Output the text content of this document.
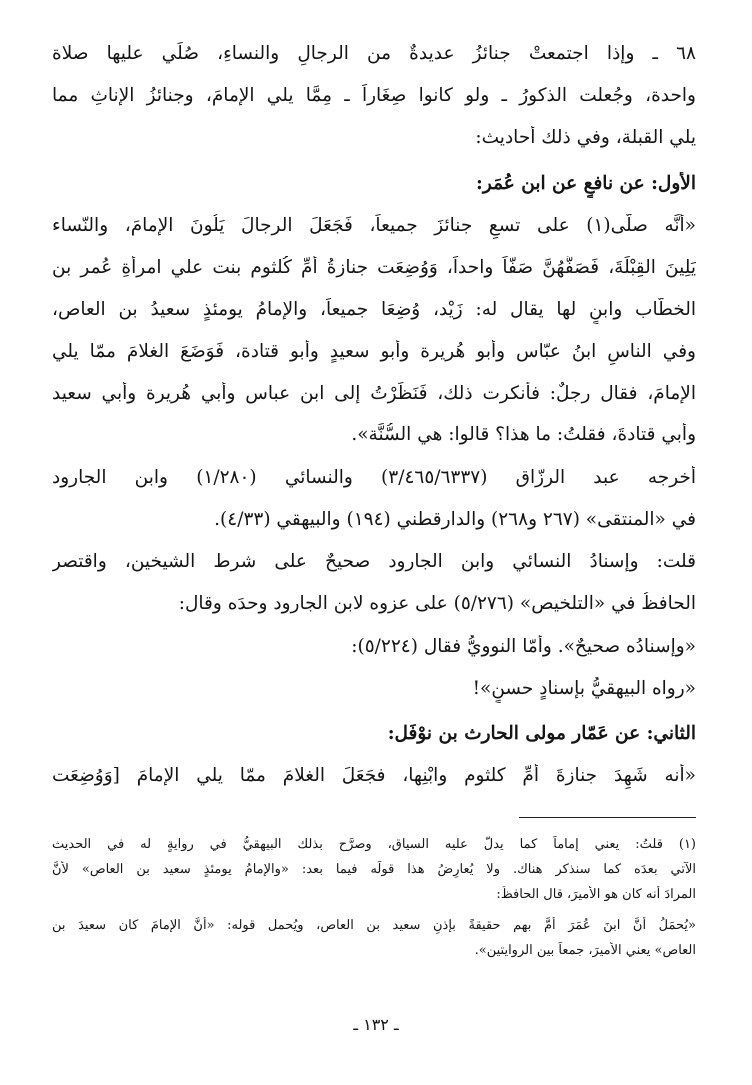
٦٨ ـ وإذا اجتمعتْ جنائزُ عديدةٌ من الرجالِ والنساءِ، صُلِّي عليها صلاة
واحدة، وجُعلت الذكورُ ـ ولو كانوا صِغَاراً ـ مِمَّا يلي الإمامَ، وجنائزُ الإناثِ مما
يلي القبلة، وفي ذلك أحاديث:
الأول: عن نافعٍ عن ابن عُمَر:
«أنَّه صلّى(١) على تسعِ جنائزَ جميعاً، فَجَعَلَ الرجالَ يَلُونَ الإمامَ، والنّساء
يَلِينَ القِبْلَةَ، فَصَفَّهُنَّ صَفّاً واحداً، وَوُضِعَت جنازةُ أُمِّ كُلثوم بنت علي امرأةِ عُمر بن
الخطّاب وابنٍ لها يقال له: زَيْد، وُضِعَا جميعاً، والإمامُ يومئذٍ سعيدُ بن العاص،
وفي الناسِ ابنُ عبّاس وأبو هُريرة وأبو سعيدٍ وأبو قتادة، فَوَضَعَ الغلامَ ممّا يلي
الإمامَ، فقال رجلٌ: فأنكرت ذلك، فَنَظَرْتُ إلى ابن عباس وأبي هُريرة وأبي سعيد
وأبي قتادةَ، فقلتُ: ما هذا؟ قالوا: هي السُّنَّة».
أخرجه عبد الرزّاق (٣/٤٦٥/٦٣٣٧) والنسائي (١/٢٨٠) وابن الجارود
في «المنتقى» (٢٦٧ و٢٦٨) والدارقطني (١٩٤) والبيهقي (٤/٣٣).
قلت: وإسنادُ النسائي وابن الجارود صحيحٌ على شرط الشيخين، واقتصر
الحافظُ في «التلخيص» (٥/٢٧٦) على عزوه لابن الجارود وحدَه وقال:
«وإسنادُه صحيحٌ». وأمّا النوويُّ فقال (٥/٢٢٤):
«رواه البيهقيُّ بإسنادٍ حسنٍ»!
الثاني: عن عَمّار مولى الحارث بن نوْفَل:
«أنه شَهِدَ جنازةَ أُمِّ كلثوم وابْنِها، فجَعَلَ الغلامَ ممّا يلي الإمامَ [وَوُضِعَت
(١) قلتُ: يعني إماماً كما يدلُّ عليه السياق، وصرَّح بذلك البيهقيُّ في روايةٍ له في الحديث
الآتي بعدَه كما سنذكر هناك. ولا يُعارِضُ هذا قولَه فيما بعد: «والإمامُ يومئذٍ سعيد بن العاص» لأنَّ
المرادَ أنه كان هو الأميرَ، قال الحافظُ:
«يُحمَلُ أنَّ ابنَ عُمَرَ أمَّ بهم حقيقةً بإذنِ سعيد بن العاص، ويُحمل قوله: «أنَّ الإمامَ كان سعيدَ بن
العاص» يعني الأميرَ، جمعاً بين الروايتين».
ـ ١٣٢ ـ
